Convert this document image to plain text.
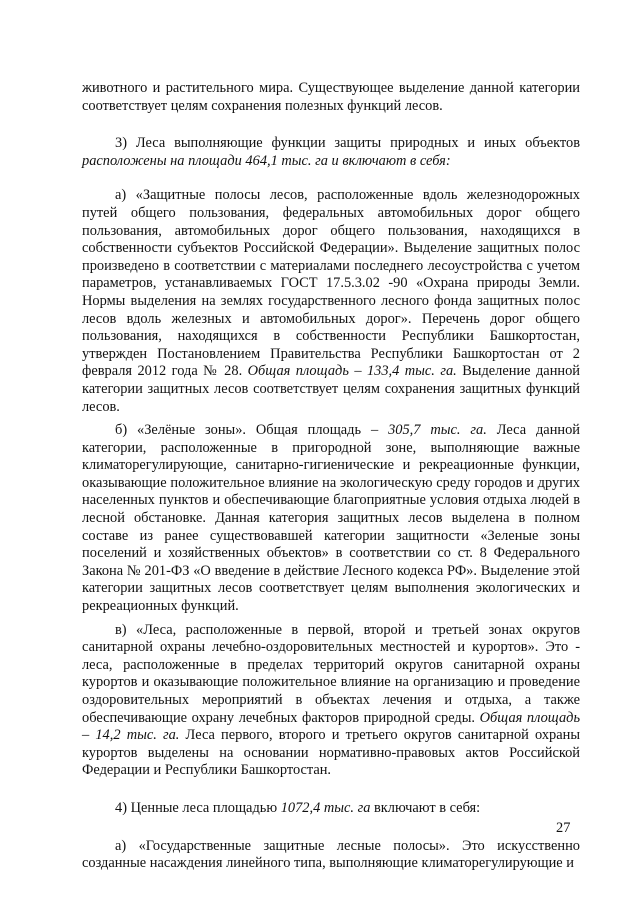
животного и растительного мира. Существующее выделение данной категории соответствует целям сохранения полезных функций лесов.

3) Леса выполняющие функции защиты природных и иных объектов расположены на площади 464,1 тыс. га и включают в себя:

а) «Защитные полосы лесов, расположенные вдоль железнодорожных путей общего пользования, федеральных автомобильных дорог общего пользования, автомобильных дорог общего пользования, находящихся в собственности субъектов Российской Федерации». Выделение защитных полос произведено в соответствии с материалами последнего лесоустройства с учетом параметров, устанавливаемых ГОСТ 17.5.3.02 -90 «Охрана природы Земли. Нормы выделения на землях государственного лесного фонда защитных полос лесов вдоль железных и автомобильных дорог». Перечень дорог общего пользования, находящихся в собственности Республики Башкортостан, утвержден Постановлением Правительства Республики Башкортостан от 2 февраля 2012 года № 28. Общая площадь – 133,4 тыс. га. Выделение данной категории защитных лесов соответствует целям сохранения защитных функций лесов.

б) «Зелёные зоны». Общая площадь – 305,7 тыс. га. Леса данной категории, расположенные в пригородной зоне, выполняющие важные климаторегулирующие, санитарно-гигиенические и рекреационные функции, оказывающие положительное влияние на экологическую среду городов и других населенных пунктов и обеспечивающие благоприятные условия отдыха людей в лесной обстановке. Данная категория защитных лесов выделена в полном составе из ранее существовавшей категории защитности «Зеленые зоны поселений и хозяйственных объектов» в соответствии со ст. 8 Федерального Закона № 201-ФЗ «О введение в действие Лесного кодекса РФ». Выделение этой категории защитных лесов соответствует целям выполнения экологических и рекреационных функций.

в) «Леса, расположенные в первой, второй и третьей зонах округов санитарной охраны лечебно-оздоровительных местностей и курортов». Это - леса, расположенные в пределах территорий округов санитарной охраны курортов и оказывающие положительное влияние на организацию и проведение оздоровительных мероприятий в объектах лечения и отдыха, а также обеспечивающие охрану лечебных факторов природной среды. Общая площадь – 14,2 тыс. га. Леса первого, второго и третьего округов санитарной охраны курортов выделены на основании нормативно-правовых актов Российской Федерации и Республики Башкортостан.

4) Ценные леса площадью 1072,4 тыс. га включают в себя:

а) «Государственные защитные лесные полосы». Это искусственно созданные насаждения линейного типа, выполняющие климаторегулирующие и

27
